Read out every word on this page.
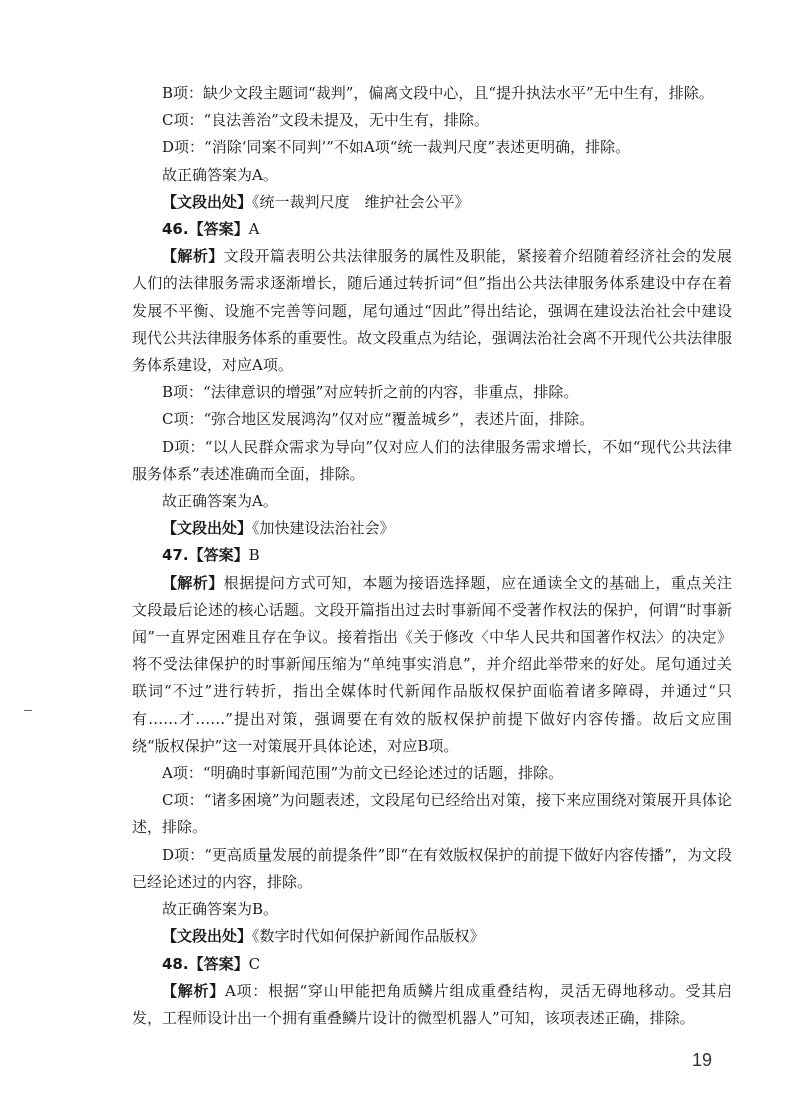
B项：缺少文段主题词“裁判”，偏离文段中心，且“提升执法水平”无中生有，排除。

C项：“良法善治”文段未提及，无中生有，排除。

D项：“消除‘同案不同判’”不如A项“统一裁判尺度”表述更明确，排除。

故正确答案为A。

【文段出处】《统一裁判尺度　维护社会公平》

46.【答案】A

【解析】文段开篇表明公共法律服务的属性及职能，紧接着介绍随着经济社会的发展人们的法律服务需求逐渐增长，随后通过转折词“但”指出公共法律服务体系建设中存在着发展不平衡、设施不完善等问题，尾句通过“因此”得出结论，强调在建设法治社会中建设现代公共法律服务体系的重要性。故文段重点为结论，强调法治社会离不开现代公共法律服务体系建设，对应A项。

B项：“法律意识的增强”对应转折之前的内容，非重点，排除。

C项：“弥合地区发展鸿沟”仅对应“覆盖城乡”，表述片面，排除。

D项：“以人民群众需求为导向”仅对应人们的法律服务需求增长，不如“现代公共法律服务体系”表述准确而全面，排除。

故正确答案为A。

【文段出处】《加快建设法治社会》

47.【答案】B

【解析】根据提问方式可知，本题为接语选择题，应在通读全文的基础上，重点关注文段最后论述的核心话题。文段开篇指出过去时事新闻不受著作权法的保护，何谓“时事新闻”一直界定困难且存在争议。接着指出《关于修改〈中华人民共和国著作权法〉的决定》将不受法律保护的时事新闻压缩为“单纯事实消息”，并介绍此举带来的好处。尾句通过关联词“不过”进行转折，指出全媒体时代新闻作品版权保护面临着诸多障碍，并通过“只有……才……”提出对策，强调要在有效的版权保护前提下做好内容传播。故后文应围绕“版权保护”这一对策展开具体论述，对应B项。

A项：“明确时事新闻范围”为前文已经论述过的话题，排除。

C项：“诸多困境”为问题表述，文段尾句已经给出对策，接下来应围绕对策展开具体论述，排除。

D项：“更高质量发展的前提条件”即“在有效版权保护的前提下做好内容传播”，为文段已经论述过的内容，排除。

故正确答案为B。

【文段出处】《数字时代如何保护新闻作品版权》

48.【答案】C

【解析】A项：根据“穿山甲能把角质鳞片组成重叠结构，灵活无碍地移动。受其启发，工程师设计出一个拥有重叠鳞片设计的微型机器人”可知，该项表述正确，排除。

19
